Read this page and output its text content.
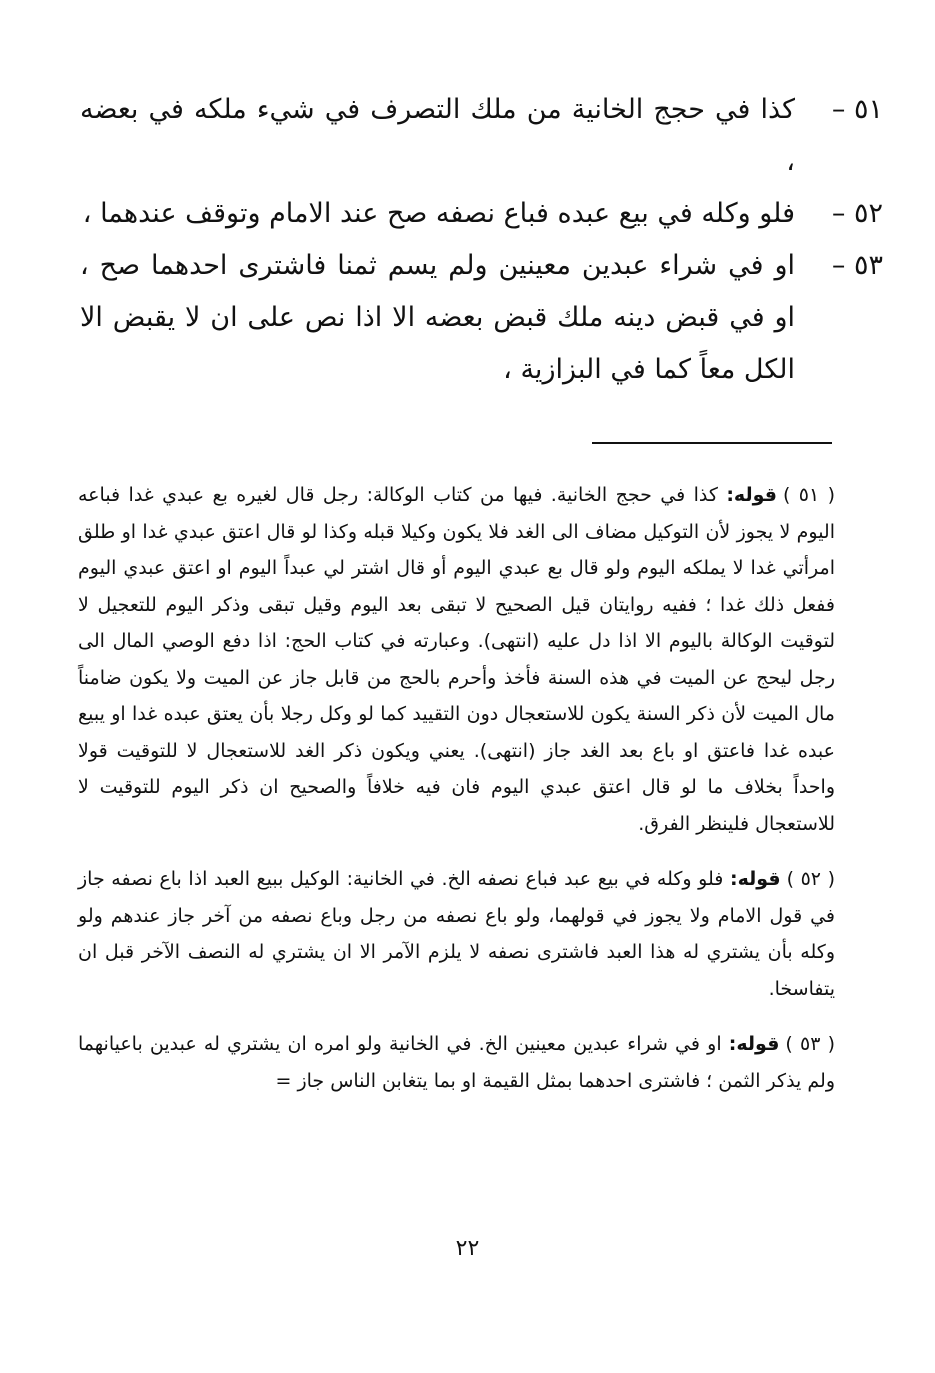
٥١ –
كذا في حجج الخانية من ملك التصرف في شيء ملكه في بعضه ،
٥٢ –
فلو وكله في بيع عبده فباع نصفه صح عند الامام وتوقف عندهما ،
٥٣ –
او في شراء عبدين معينين ولم يسم ثمنا فاشترى احدهما صح ، او في قبض دينه ملك قبض بعضه الا اذا نص على ان لا يقبض الا الكل معاً كما في البزازية ،

( ٥١ )قوله: كذا في حجج الخانية. فيها من كتاب الوكالة: رجل قال لغيره بع عبدي غدا فباعه اليوم لا يجوز لأن التوكيل مضاف الى الغد فلا يكون وكيلا قبله وكذا لو قال اعتق عبدي غدا او طلق امرأتي غدا لا يملكه اليوم ولو قال بع عبدي اليوم أو قال اشتر لي عبداً اليوم او اعتق عبدي اليوم ففعل ذلك غدا ؛ ففيه روايتان قيل الصحيح لا تبقى بعد اليوم وقيل تبقى وذكر اليوم للتعجيل لا لتوقيت الوكالة باليوم الا اذا دل عليه (انتهى). وعبارته في كتاب الحج: اذا دفع الوصي المال الى رجل ليحج عن الميت في هذه السنة فأخذ وأحرم بالحج من قابل جاز عن الميت ولا يكون ضامناً مال الميت لأن ذكر السنة يكون للاستعجال دون التقييد كما لو وكل رجلا بأن يعتق عبده غدا او يبيع عبده غدا فاعتق او باع بعد الغد جاز (انتهى). يعني ويكون ذكر الغد للاستعجال لا للتوقيت قولا واحداً بخلاف ما لو قال اعتق عبدي اليوم فان فيه خلافاً والصحيح ان ذكر اليوم للتوقيت لا للاستعجال فلينظر الفرق.

( ٥٢ )قوله: فلو وكله في بيع عبد فباع نصفه الخ. في الخانية: الوكيل ببيع العبد اذا باع نصفه جاز في قول الامام ولا يجوز في قولهما، ولو باع نصفه من رجل وباع نصفه من آخر جاز عندهم ولو وكله بأن يشتري له هذا العبد فاشترى نصفه لا يلزم الآمر الا ان يشتري له النصف الآخر قبل ان يتفاسخا.

( ٥٣ )قوله: او في شراء عبدين معينين الخ. في الخانية ولو امره ان يشتري له عبدين باعيانهما ولم يذكر الثمن ؛ فاشترى احدهما بمثل القيمة او بما يتغابن الناس جاز =

٢٢
